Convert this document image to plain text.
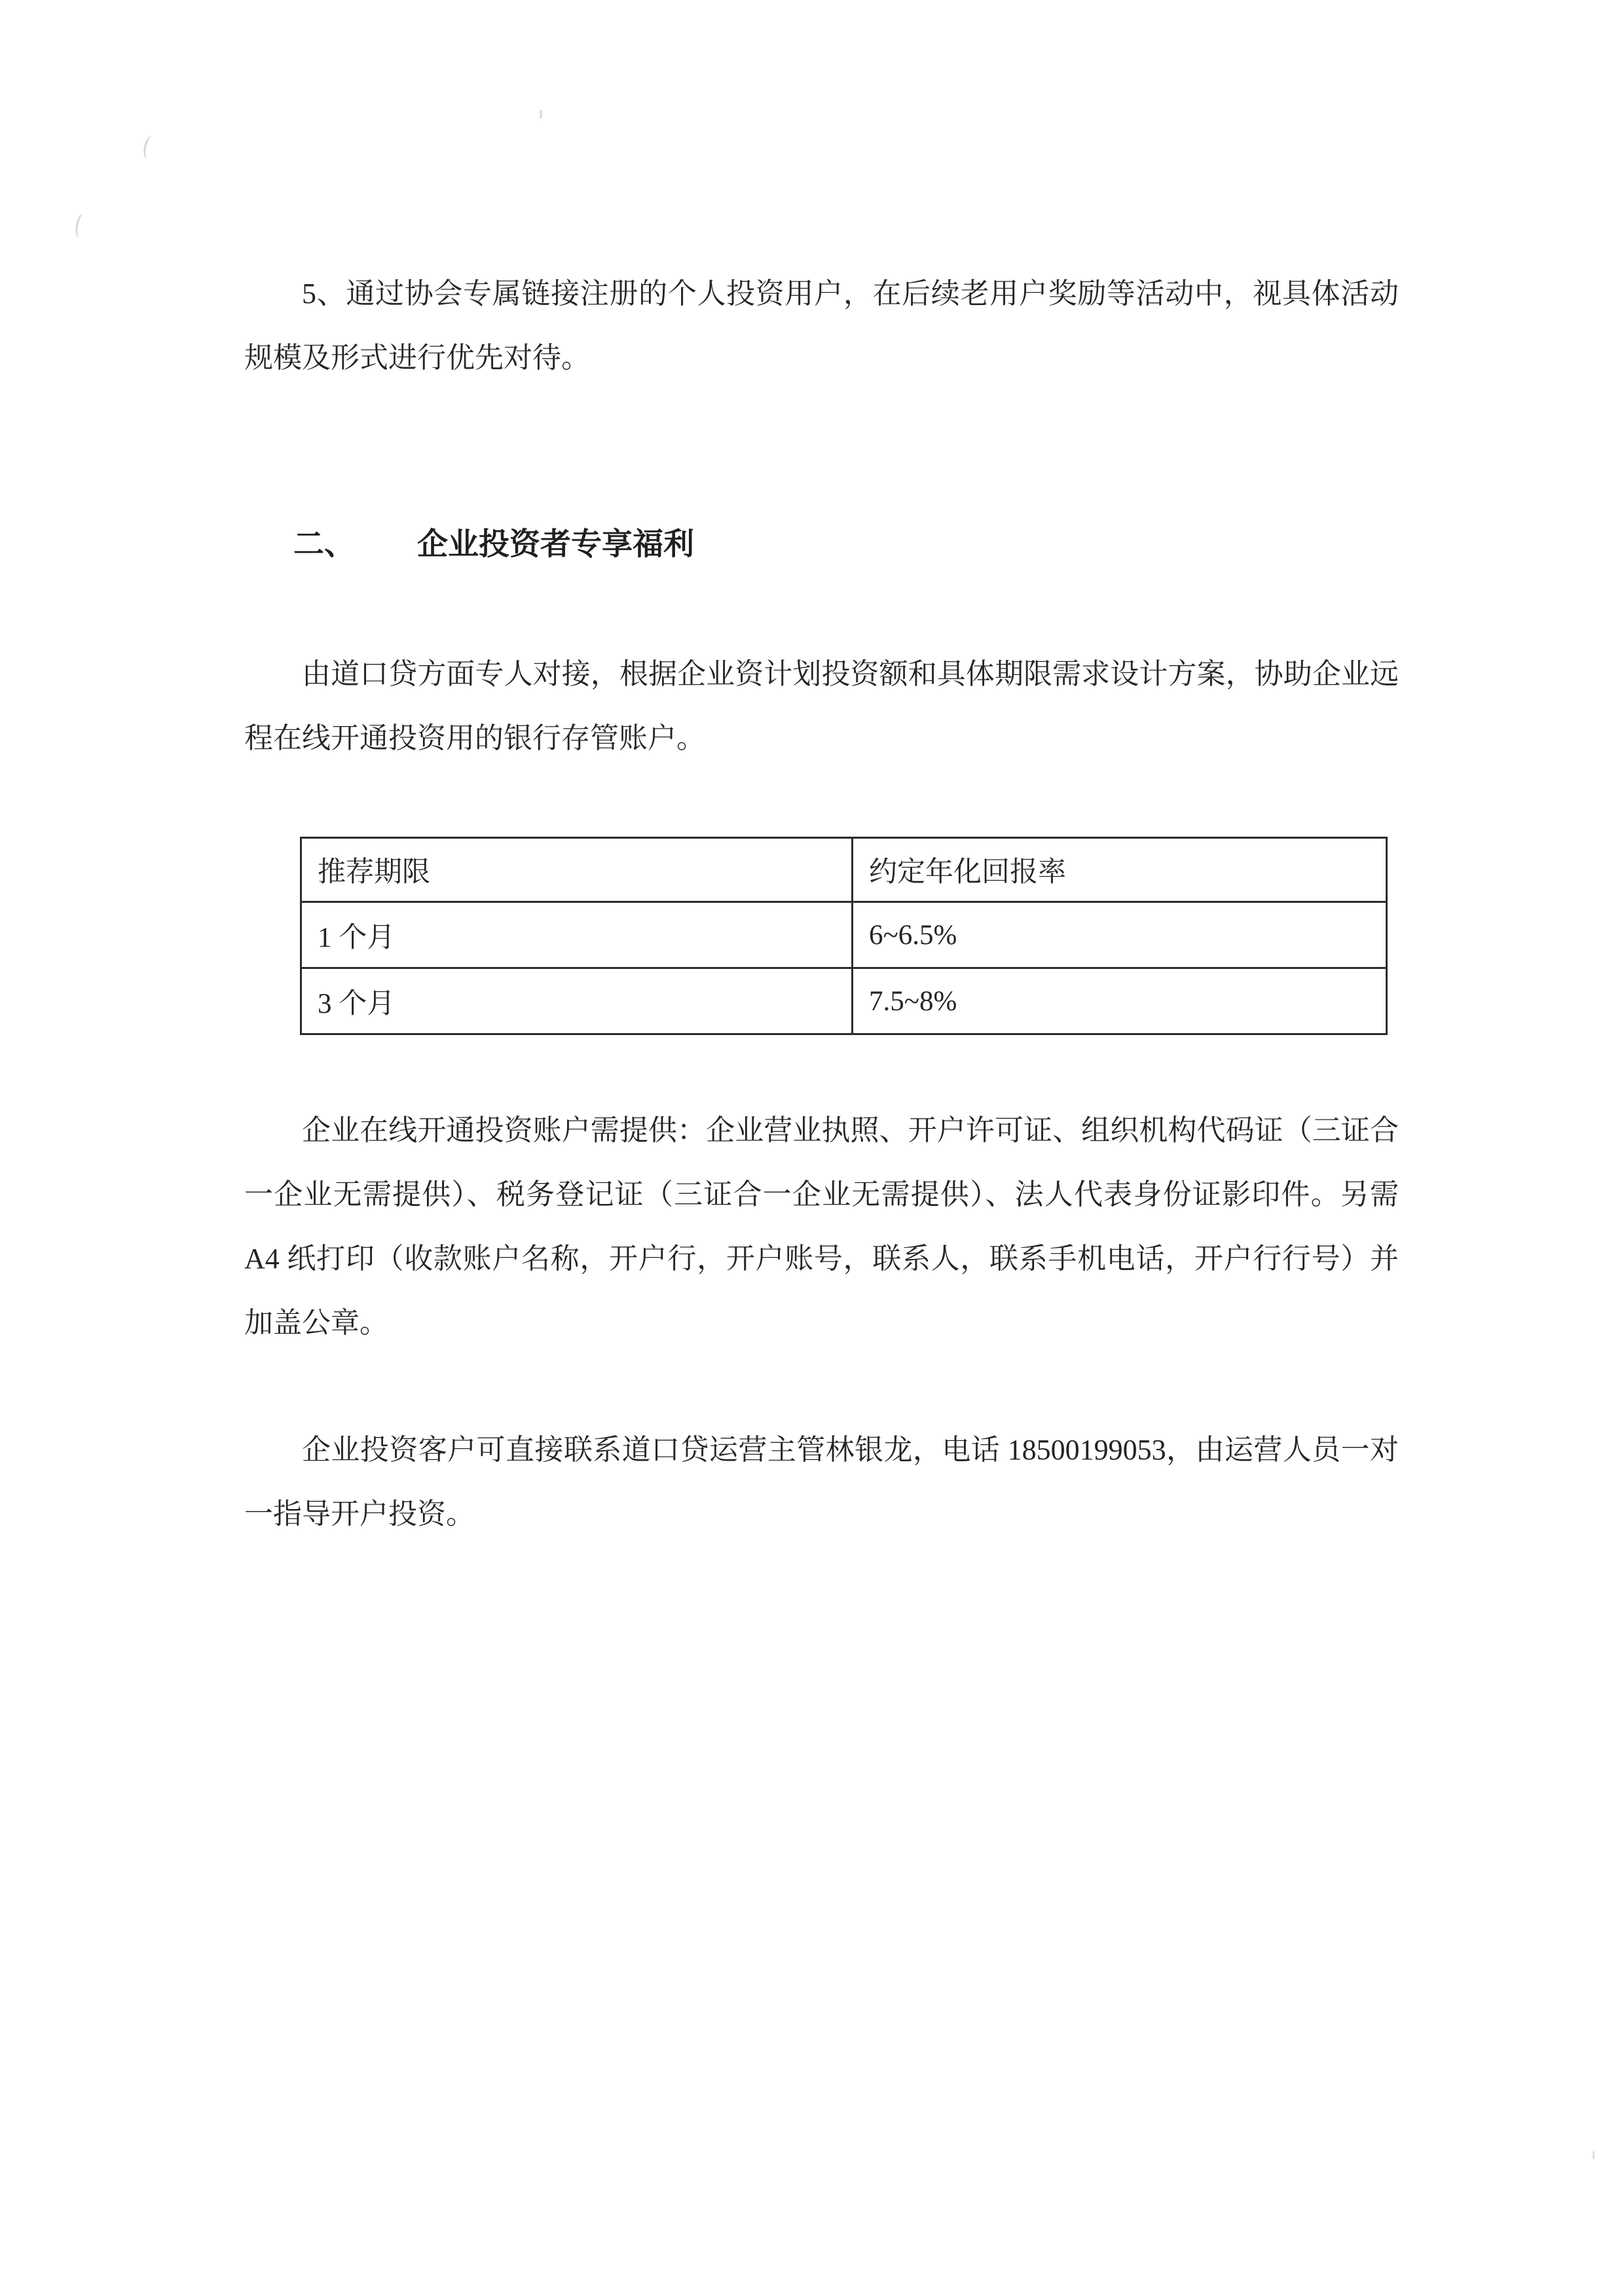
5、通过协会专属链接注册的个人投资用户，在后续老用户奖励等活动中，视具体活动规模及形式进行优先对待。
二、 企业投资者专享福利
由道口贷方面专人对接，根据企业资计划投资额和具体期限需求设计方案，协助企业远程在线开通投资用的银行存管账户。
推荐期限	约定年化回报率
1 个月	6~6.5%
3 个月	7.5~8%
企业在线开通投资账户需提供：企业营业执照、开户许可证、组织机构代码证（三证合一企业无需提供）、税务登记证（三证合一企业无需提供）、法人代表身份证影印件。另需 A4 纸打印（收款账户名称，开户行，开户账号，联系人，联系手机电话，开户行行号）并加盖公章。
企业投资客户可直接联系道口贷运营主管林银龙，电话 18500199053，由运营人员一对一指导开户投资。
